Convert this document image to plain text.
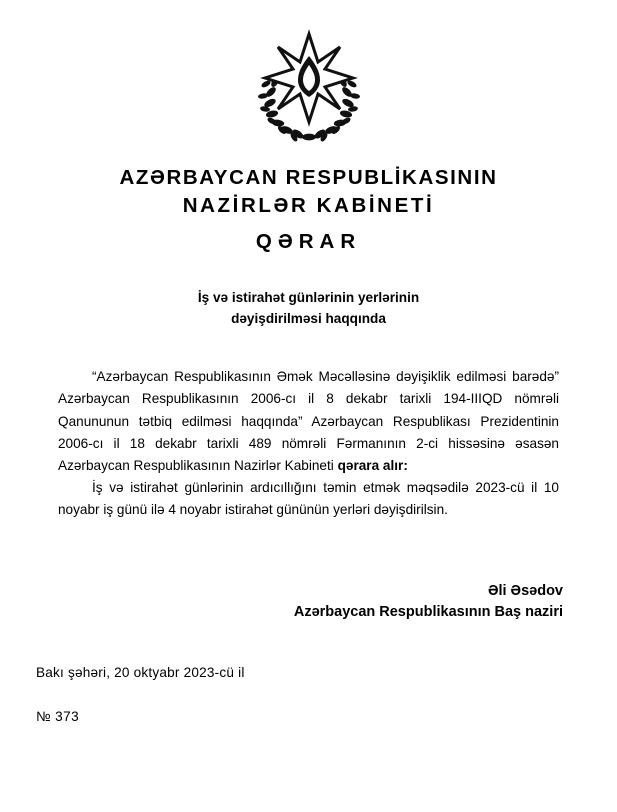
AZƏRBAYCAN RESPUBLİKASININ
NAZİRLƏR KABİNETİ
QƏRAR
İş və istirahət günlərinin yerlərinin
dəyişdirilməsi haqqında

“Azərbaycan Respublikasının Əmək Məcəlləsinə dəyişiklik edilməsi barədə” Azərbaycan Respublikasının 2006-cı il 8 dekabr tarixli 194-IIIQD nömrəli Qanununun tətbiq edilməsi haqqında” Azərbaycan Respublikası Prezidentinin 2006-cı il 18 dekabr tarixli 489 nömrəli Fərmanının 2-ci hissəsinə əsasən Azərbaycan Respublikasının Nazirlər Kabineti qərara alır:

İş və istirahət günlərinin ardıcıllığını təmin etmək məqsədilə 2023-cü il 10 noyabr iş günü ilə 4 noyabr istirahət gününün yerləri dəyişdirilsin.

Əli Əsədov
Azərbaycan Respublikasının Baş naziri
Bakı şəhəri, 20 oktyabr 2023-cü il
№ 373
